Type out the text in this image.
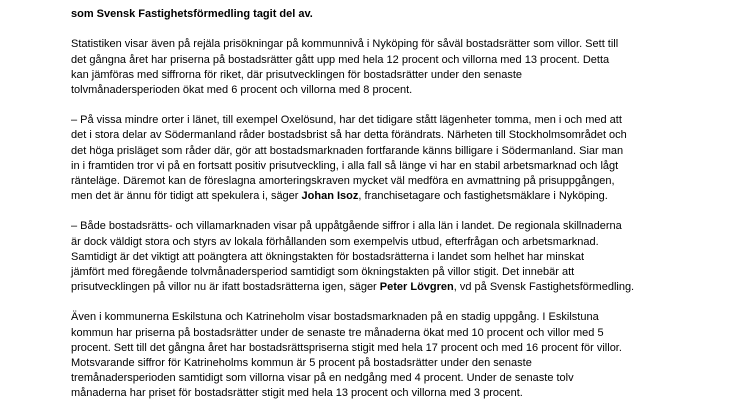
som Svensk Fastighetsförmedling tagit del av.

Statistiken visar även på rejäla prisökningar på kommunnivå i Nyköping för såväl bostadsrätter som villor. Sett till
det gångna året har priserna på bostadsrätter gått upp med hela 12 procent och villorna med 13 procent. Detta
kan jämföras med siffrorna för riket, där prisutvecklingen för bostadsrätter under den senaste
tolvmånadersperioden ökat med 6 procent och villorna med 8 procent.

– På vissa mindre orter i länet, till exempel Oxelösund, har det tidigare stått lägenheter tomma, men i och med att
det i stora delar av Södermanland råder bostadsbrist så har detta förändrats. Närheten till Stockholmsområdet och
det höga prisläget som råder där, gör att bostadsmarknaden fortfarande känns billigare i Södermanland. Siar man
in i framtiden tror vi på en fortsatt positiv prisutveckling, i alla fall så länge vi har en stabil arbetsmarknad och lågt
ränteläge. Däremot kan de föreslagna amorteringskraven mycket väl medföra en avmattning på prisuppgången,
men det är ännu för tidigt att spekulera i, säger Johan Isoz, franchisetagare och fastighetsmäklare i Nyköping.

– Både bostadsrätts- och villamarknaden visar på uppåtgående siffror i alla län i landet. De regionala skillnaderna
är dock väldigt stora och styrs av lokala förhållanden som exempelvis utbud, efterfrågan och arbetsmarknad.
Samtidigt är det viktigt att poängtera att ökningstakten för bostadsrätterna i landet som helhet har minskat
jämfört med föregående tolvmånadersperiod samtidigt som ökningstakten på villor stigit. Det innebär att
prisutvecklingen på villor nu är ifatt bostadsrätterna igen, säger Peter Lövgren, vd på Svensk Fastighetsförmedling.

Även i kommunerna Eskilstuna och Katrineholm visar bostadsmarknaden på en stadig uppgång. I Eskilstuna
kommun har priserna på bostadsrätter under de senaste tre månaderna ökat med 10 procent och villor med 5
procent. Sett till det gångna året har bostadsrättspriserna stigit med hela 17 procent och med 16 procent för villor.
Motsvarande siffror för Katrineholms kommun är 5 procent på bostadsrätter under den senaste
tremånadersperioden samtidigt som villorna visar på en nedgång med 4 procent. Under de senaste tolv
månaderna har priset för bostadsrätter stigit med hela 13 procent och villorna med 3 procent.
